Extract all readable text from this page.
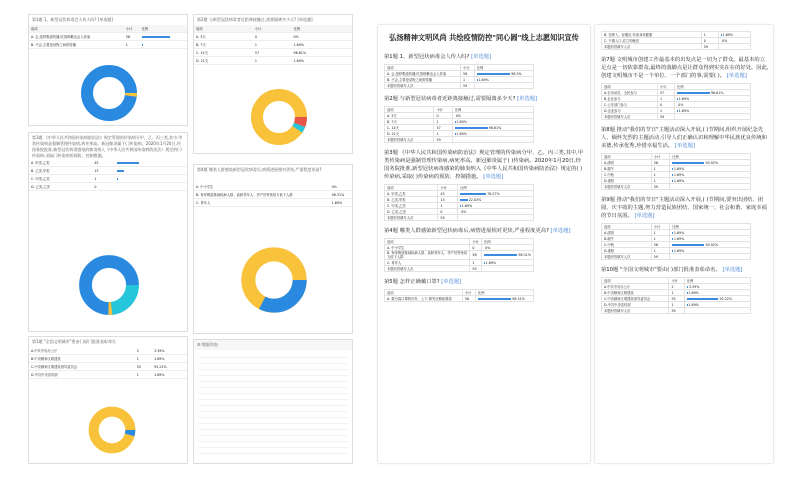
第1题 1、新型冠状病毒会人传人吗? [单选题]
选项	小计	比例
A. 会,是呼吸道传播,吃饭咳嗽也会人传染	58	
B. 不会,主要是动物之间的传播	1	
第2题 与新型冠状病毒者近距离接触过,需要隔离多少天? [单选题]
选项	小计	比例
A. 3天	0	0%
B. 7天	1	1.69%
C. 14天	57	96.61%
D. 21天	1	1.69%
第3题 《中华人民共和国传染病防治法》规定管理的传染病分甲、乙、丙三类,其中,甲类传染病是强制管理传染病,病死率高。新冠肺炎属于( )传染病。2020年1月20日,经国务院批准,新型冠状病毒感染的肺炎纳入《中华人民共和国传染病防治法》规定的( )传染病,采取( )传染病的预防、控制措施。
A. 甲类,乙类	45	
B. 乙类,甲类	13	
C. 甲类,乙类	1	
D. 乙类,乙类	0	
第4题 哪类人群感染新型冠状病毒后,病情进展相对更快,严重程度更高?
A. 中小学生	0%
B. 有呼吸道基础疾病人群、高龄老年人、孕产妇等免疫力低下人群	98.31%
C. 青年人	1.69%
第1题 "全国文明城市"要由( )部门批准表彰命名
A.中共中央办公厅	2	3.39%
B.中央精神文明建设	1	1.69%
C.中央精神文明建设指导委员会	55	93.22%
D.中共中央宣传部	1	1.69%
☰ 数据列表
弘扬精神文明风尚 共绘疫情防控"同心圆"线上志愿知识宣传
第1题 1、新型冠状病毒会人传人吗? [单选题]
选项	小计	比例
A. 会,是呼吸道传播,吃饭咳嗽也会人传染	58	98.3%
B. 不会,主要是动物之间的传播	1	1.69%
本题有效填写人次	59	
第2题 与新型冠状病毒者近距离接触过,需要隔离多少天? [单选题]
选项	小计	比例
A. 3天	0	0%
B. 7天	1	1.69%
C. 14天	57	96.61%
D. 21天	1	1.69%
本题有效填写人次	59	
第3题 《中华人民共和国传染病防治法》规定管理的传染病分甲、乙、丙三类,其中,甲类传染病是强制管理传染病,病死率高。新冠肺炎属于( )传染病。2020年1月20日,经国务院批准,新型冠状病毒感染的肺炎纳入《中华人民共和国传染病防治法》规定的( )传染病,采取( )传染病的预防、控制措施。 [单选题]
选项	小计	比例
A. 甲类,乙类	45	76.27%
B. 乙类,甲类	13	22.03%
C. 甲类,乙类	1	1.69%
D. 乙类,乙类	0	0%
本题有效填写人次	59	
第4题 哪类人群感染新型冠状病毒后,病情进展相对更快,严重程度更高? [单选题]
选项	小计	比例
A. 中小学生	0	0%
B. 有呼吸道基础疾病人群、高龄老年人、孕产妇等免疫力低下人群	58	98.31%
C. 青年人	1	1.69%
本题有效填写人次	59	
第5题 怎样正确戴口罩? [单选题]
选项	小计	比例
A. 要分清口罩的内外、上下,鼻夹应紧贴鼻梁	58	98.31%
B. 在吸入、吞服后,有害身体健康	1	1.69%
C. 不慎入口,应立即就医	0	0%
本题有效填写人次	59	
第7题 文明城市创建工作最基本的出发点是一切为了群众。最基本的立足点是一切依靠群众,最终的落脚点是让群众得到实实在在的好处。因此,创建文明城市不是一个单位、一个部门的事,需要( )。 [单选题]
选项	小计	比例
A.全市动员、全民参与	57	96.61%
B.企业参与	1	1.69%
C.公安部门参与	0	0%
D.企业参与	1	1.69%
本题有效填写人次	59	
第8题 推动"我们的节日"主题活动深入开展,( )节期间,组织开展纪念先人、缅怀先烈的主题活动,引导人们正确认识和理解中华民族优良传统和美德,传承优秀,珍惜幸福生活。 [单选题]
选项	小计	比例
A.清明	56	94.92%
B.端午	1	1.69%
C.中秋	1	1.69%
D.重阳	1	1.69%
本题有效填写人次	59	
第9题 推动"我们的节日"主题活动深入开展,( )节期间,要突出团结、团圆、庆丰收的主题,努力营造民族团结、国家统一、社会和谐、家庭幸福的节日氛围。 [单选题]
选项	小计	比例
A.清明	1	1.69%
B.端午	1	1.69%
C.中秋	56	94.92%
D.重阳	1	1.69%
本题有效填写人次	59	
第10题 "全国文明城市"要由( )部门批准表彰命名。 [单选题]
选项	小计	比例
A.中共中央办公厅	2	3.39%
B.中央精神文明建设	1	1.69%
C.中央精神文明建设指导委员会	55	93.22%
D.中共中央宣传部	1	1.69%
本题有效填写人次	59	
